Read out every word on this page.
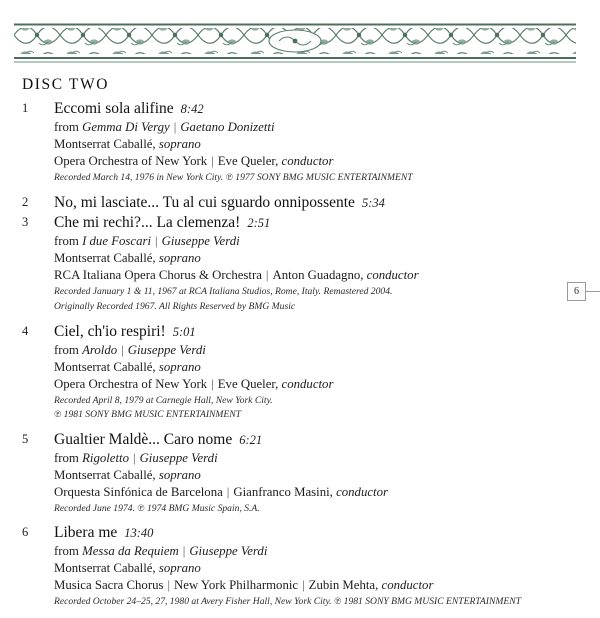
DISC TWO
1 Eccomi sola alifine 8:42
from Gemma Di Vergy | Gaetano Donizetti
Montserrat Caballé, soprano
Opera Orchestra of New York | Eve Queler, conductor
Recorded March 14, 1976 in New York City. ℗ 1977 SONY BMG MUSIC ENTERTAINMENT
2 No, mi lasciate... Tu al cui sguardo onnipossente 5:34
3 Che mi rechi?... La clemenza! 2:51
from I due Foscari | Giuseppe Verdi
Montserrat Caballé, soprano
RCA Italiana Opera Chorus & Orchestra | Anton Guadagno, conductor
Recorded January 1 & 11, 1967 at RCA Italiana Studios, Rome, Italy. Remastered 2004.
Originally Recorded 1967. All Rights Reserved by BMG Music
4 Ciel, ch'io respiri! 5:01
from Aroldo | Giuseppe Verdi
Montserrat Caballé, soprano
Opera Orchestra of New York | Eve Queler, conductor
Recorded April 8, 1979 at Carnegie Hall, New York City.
℗ 1981 SONY BMG MUSIC ENTERTAINMENT
5 Gualtier Maldè... Caro nome 6:21
from Rigoletto | Giuseppe Verdi
Montserrat Caballé, soprano
Orquesta Sinfónica de Barcelona | Gianfranco Masini, conductor
Recorded June 1974. ℗ 1974 BMG Music Spain, S.A.
6 Libera me 13:40
from Messa da Requiem | Giuseppe Verdi
Montserrat Caballé, soprano
Musica Sacra Chorus | New York Philharmonic | Zubin Mehta, conductor
Recorded October 24–25, 27, 1980 at Avery Fisher Hall, New York City. ℗ 1981 SONY BMG MUSIC ENTERTAINMENT
6
